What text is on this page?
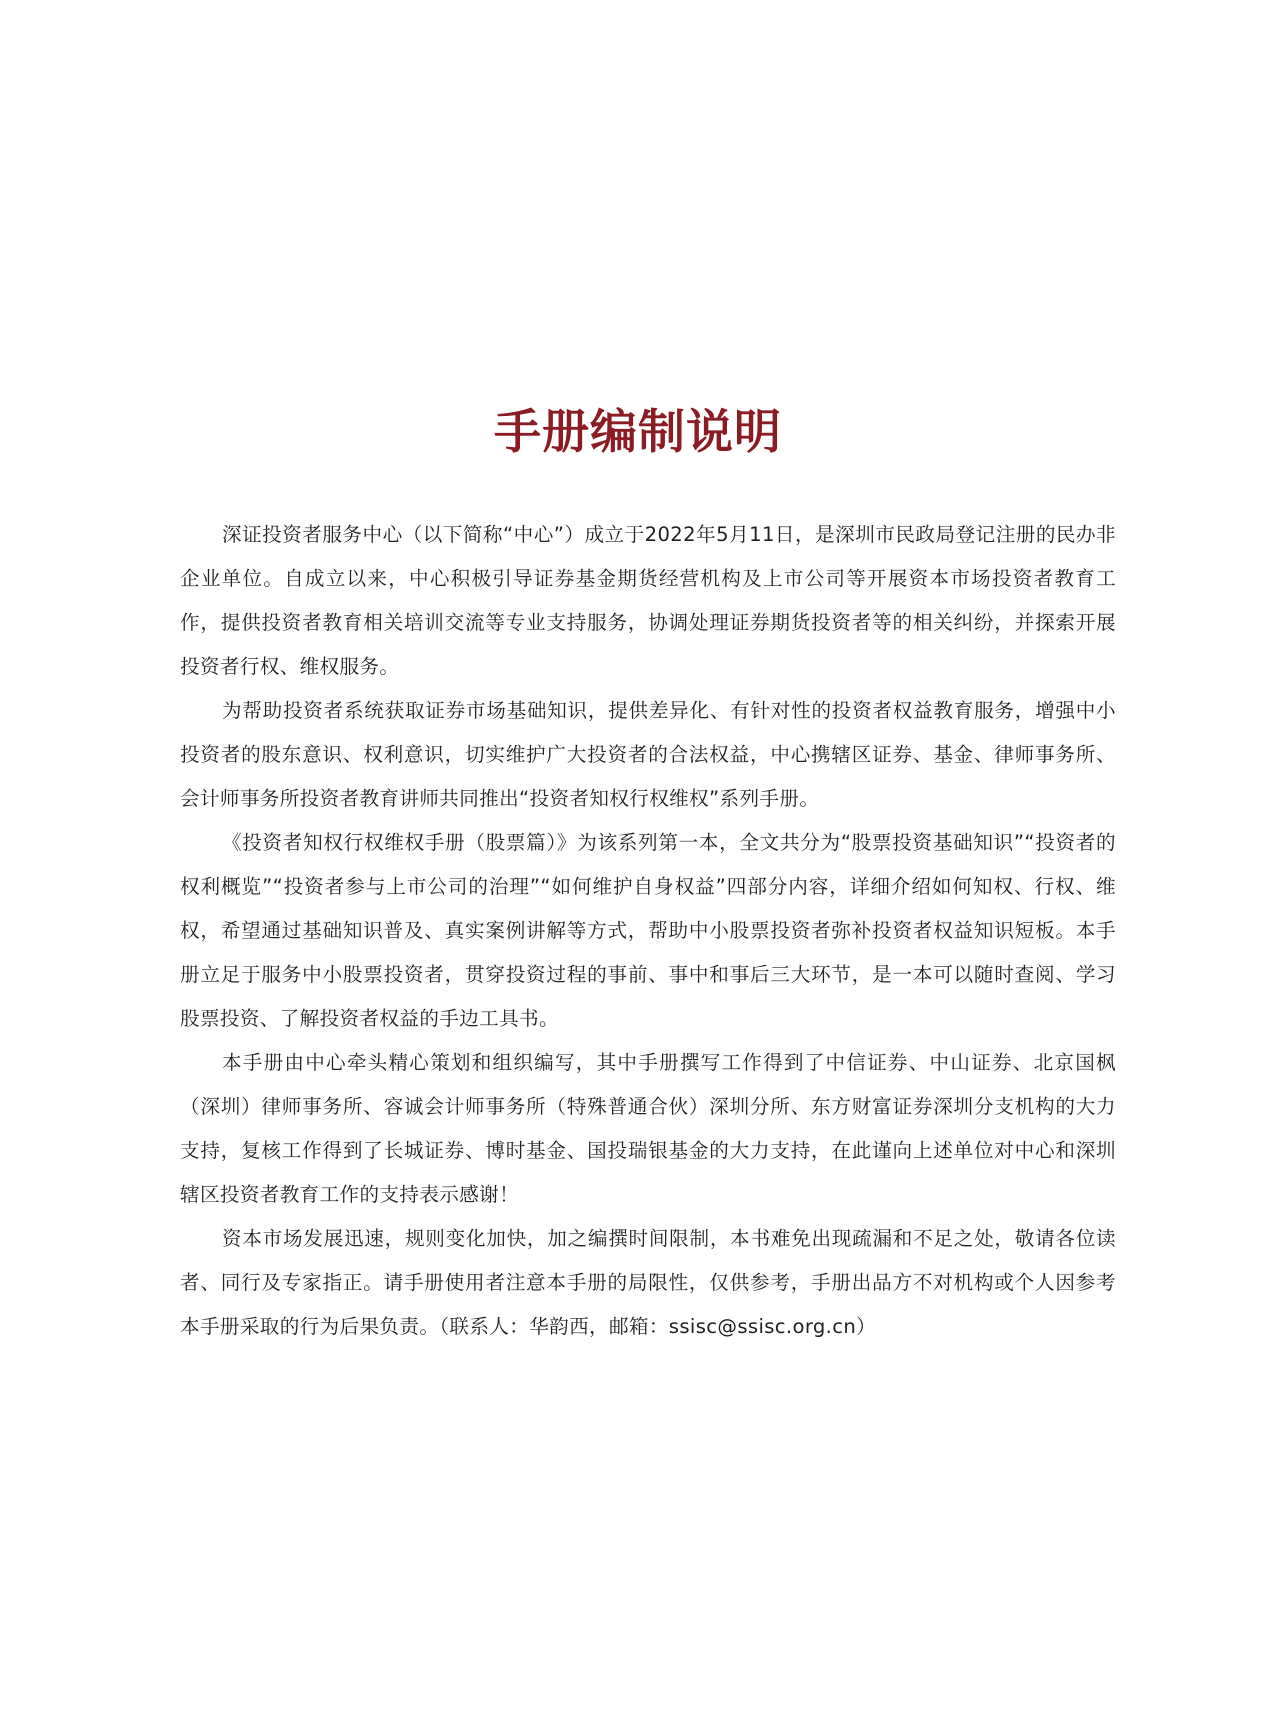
手册编制说明

深证投资者服务中心（以下简称“中心”）成立于2022年5月11日，是深圳市民政局登记注册的民办非企业单位。自成立以来，中心积极引导证券基金期货经营机构及上市公司等开展资本市场投资者教育工作，提供投资者教育相关培训交流等专业支持服务，协调处理证券期货投资者等的相关纠纷，并探索开展投资者行权、维权服务。

为帮助投资者系统获取证券市场基础知识，提供差异化、有针对性的投资者权益教育服务，增强中小投资者的股东意识、权利意识，切实维护广大投资者的合法权益，中心携辖区证券、基金、律师事务所、会计师事务所投资者教育讲师共同推出“投资者知权行权维权”系列手册。

《投资者知权行权维权手册（股票篇）》为该系列第一本，全文共分为“股票投资基础知识”“投资者的权利概览”“投资者参与上市公司的治理”“如何维护自身权益”四部分内容，详细介绍如何知权、行权、维权，希望通过基础知识普及、真实案例讲解等方式，帮助中小股票投资者弥补投资者权益知识短板。本手册立足于服务中小股票投资者，贯穿投资过程的事前、事中和事后三大环节，是一本可以随时查阅、学习股票投资、了解投资者权益的手边工具书。

本手册由中心牵头精心策划和组织编写，其中手册撰写工作得到了中信证券、中山证券、北京国枫（深圳）律师事务所、容诚会计师事务所（特殊普通合伙）深圳分所、东方财富证券深圳分支机构的大力支持，复核工作得到了长城证券、博时基金、国投瑞银基金的大力支持，在此谨向上述单位对中心和深圳辖区投资者教育工作的支持表示感谢！

资本市场发展迅速，规则变化加快，加之编撰时间限制，本书难免出现疏漏和不足之处，敬请各位读者、同行及专家指正。请手册使用者注意本手册的局限性，仅供参考，手册出品方不对机构或个人因参考本手册采取的行为后果负责。（联系人：华韵西，邮箱：ssisc@ssisc.org.cn）
